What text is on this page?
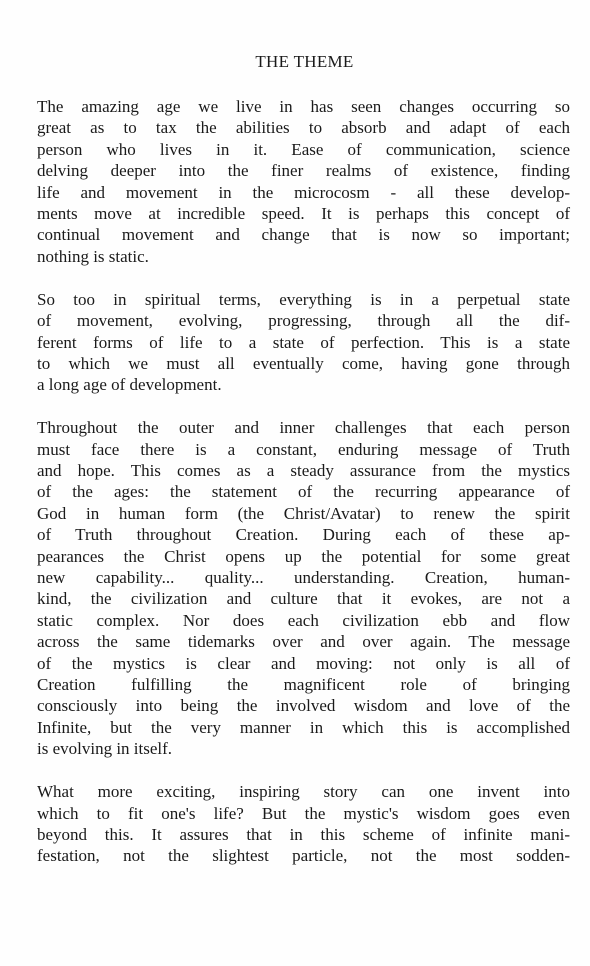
THE THEME
The amazing age we live in has seen changes occurring so
great as to tax the abilities to absorb and adapt of each
person who lives in it. Ease of communication, science
delving deeper into the finer realms of existence, finding
life and movement in the microcosm - all these develop-
ments move at incredible speed. It is perhaps this concept of
continual movement and change that is now so important;
nothing is static.
So too in spiritual terms, everything is in a perpetual state
of movement, evolving, progressing, through all the dif-
ferent forms of life to a state of perfection. This is a state
to which we must all eventually come, having gone through
a long age of development.
Throughout the outer and inner challenges that each person
must face there is a constant, enduring message of Truth
and hope. This comes as a steady assurance from the mystics
of the ages: the statement of the recurring appearance of
God in human form (the Christ/Avatar) to renew the spirit
of Truth throughout Creation. During each of these ap-
pearances the Christ opens up the potential for some great
new capability... quality... understanding. Creation, human-
kind, the civilization and culture that it evokes, are not a
static complex. Nor does each civilization ebb and flow
across the same tidemarks over and over again. The message
of the mystics is clear and moving: not only is all of
Creation fulfilling the magnificent role of bringing
consciously into being the involved wisdom and love of the
Infinite, but the very manner in which this is accomplished
is evolving in itself.
What more exciting, inspiring story can one invent into
which to fit one's life? But the mystic's wisdom goes even
beyond this. It assures that in this scheme of infinite mani-
festation, not the slightest particle, not the most sodden-
